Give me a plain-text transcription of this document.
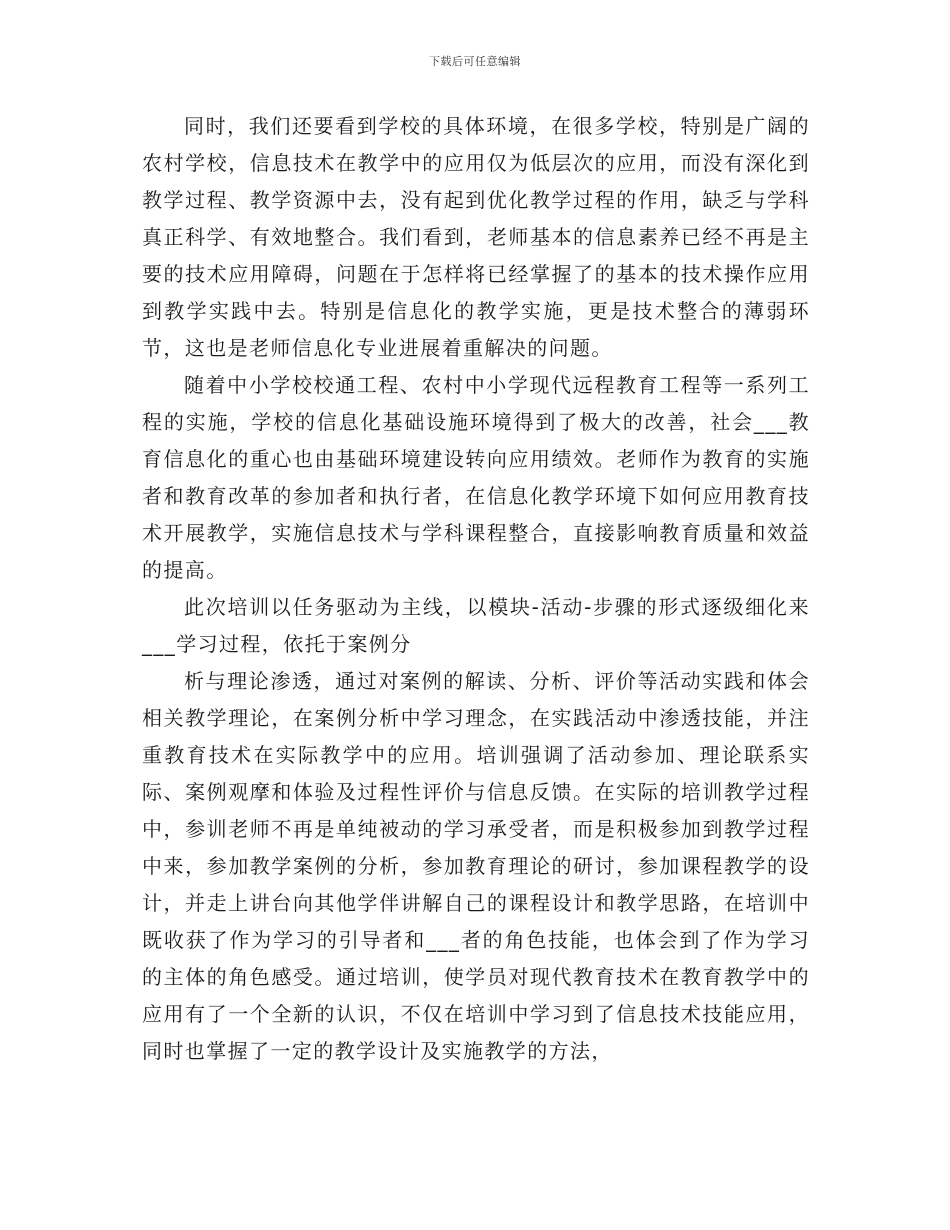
下载后可任意编辑

同时，我们还要看到学校的具体环境，在很多学校，特别是广阔的农村学校，信息技术在教学中的应用仅为低层次的应用，而没有深化到教学过程、教学资源中去，没有起到优化教学过程的作用，缺乏与学科真正科学、有效地整合。我们看到，老师基本的信息素养已经不再是主要的技术应用障碍，问题在于怎样将已经掌握了的基本的技术操作应用到教学实践中去。特别是信息化的教学实施，更是技术整合的薄弱环节，这也是老师信息化专业进展着重解决的问题。

随着中小学校校通工程、农村中小学现代远程教育工程等一系列工程的实施，学校的信息化基础设施环境得到了极大的改善，社会___教育信息化的重心也由基础环境建设转向应用绩效。老师作为教育的实施者和教育改革的参加者和执行者，在信息化教学环境下如何应用教育技术开展教学，实施信息技术与学科课程整合，直接影响教育质量和效益的提高。

此次培训以任务驱动为主线，以模块-活动-步骤的形式逐级细化来___学习过程，依托于案例分

析与理论渗透，通过对案例的解读、分析、评价等活动实践和体会相关教学理论，在案例分析中学习理念，在实践活动中渗透技能，并注重教育技术在实际教学中的应用。培训强调了活动参加、理论联系实际、案例观摩和体验及过程性评价与信息反馈。在实际的培训教学过程中，参训老师不再是单纯被动的学习承受者，而是积极参加到教学过程中来，参加教学案例的分析，参加教育理论的研讨，参加课程教学的设计，并走上讲台向其他学伴讲解自己的课程设计和教学思路，在培训中既收获了作为学习的引导者和___者的角色技能，也体会到了作为学习的主体的角色感受。通过培训，使学员对现代教育技术在教育教学中的应用有了一个全新的认识，不仅在培训中学习到了信息技术技能应用，同时也掌握了一定的教学设计及实施教学的方法，
